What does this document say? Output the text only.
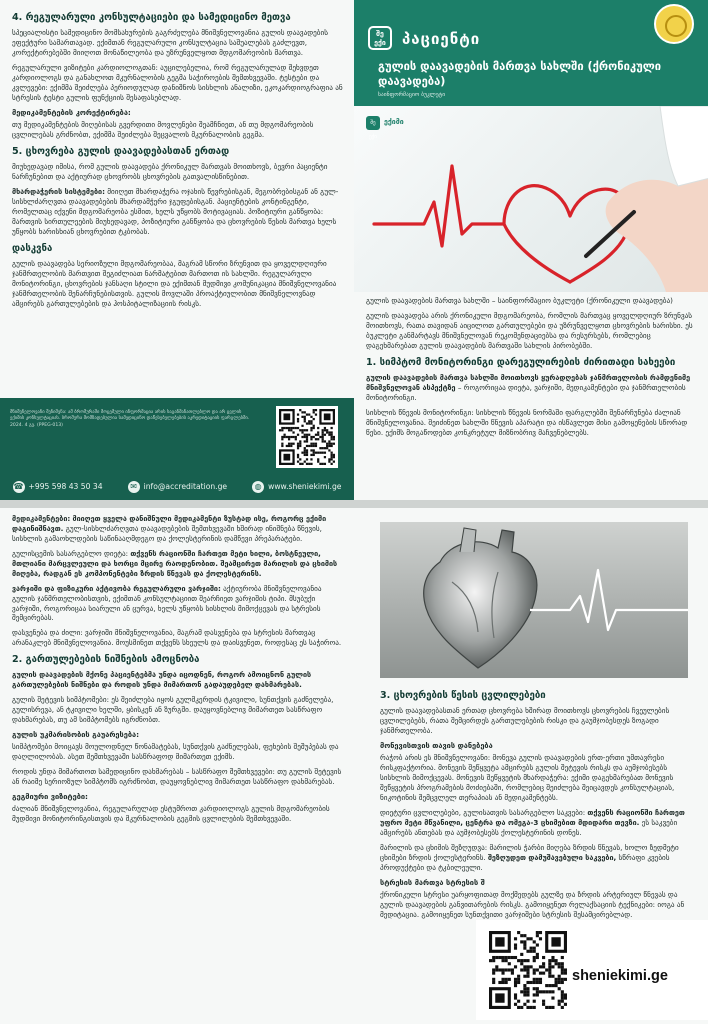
4. რეგულარული კონსულტაციები და სამედიცინო მეთვა

სპეციალისტი სამედიცინო მომსახურების გაგრძელება მნიშვნელოვანია გულის დაავადების ეფექტური სამართავად. ექიმთან რეგულარული კონსულტაცია საშუალებას გაძლევთ, კორექტირებებში მიიღოთ მონაწილეობა და უზრუნველყოთ მდგომარეობის მართვა.

რეგულარული ვიზიტები კარდიოლოგთან: აუცილებელია, რომ რეგულარულად შეხვდეთ კარდიოლოგს და განახლოთ მკურნალობის გეგმა საჭიროების შემთხვევაში. ტესტები და კვლევები: ექიმმა შეიძლება პერიოდულად დანიშნოს სისხლის ანალიზი, ეკოკარდიოგრაფია ან სტრესის ტესტი გულის ფუნქციის შესაფასებლად.

მედიკამენტების კორექტირება:

თუ მედიკამენტების მიღებისას გვერდითი მოვლენები შეამჩნიეთ, ან თუ მდგომარეობის ცვლილებას გრძნობთ, ექიმმა შეიძლება შეცვალოს მკურნალობის გეგმა.

5. ცხოვრება გულის დაავადებასთან ერთად

მიუხედავად იმისა, რომ გულის დაავადება ქრონიკულ მართვას მოითხოვს, ბევრი პაციენტი ნარჩუნებით და აქტიურად ცხოვრობს ცხოვრების გათვალისწინებით.

მხარდაჭერის სისტემები: მიიღეთ მხარდაჭერა ოჯახის წევრებისგან, მეგობრებისგან ან გულ-სისხლძარღვთა დაავადებების მხარდამჭერი ჯგუფებისგან. პაციენტების კონტინგენტი, რომელთაც იქვენი მდგომარეობა ესმით, ხელს უწყობს მოტივაციას. პოზიტიური განწყობა: მართვის სირთულეების მიუხედავად, პოზიტიური განწყობა და ცხოვრების წესის მართვა ხელს უწყობს ხარისხიან ცხოვრებით ტკბობას.

დასკვნა

გულის დაავადება სერიოზული მდგომარეობაა, მაგრამ სწორი ზრუნვით და ყოველდღიური ჯანმრთელობის მართვით შეგიძლიათ ნარმატებით მართოთ ის სახლში. რეგულარული მონიტორინგი, ცხოვრების ჯანსაღი სტილი და ექიმთან მუდმივი კომუნიკაცია მნიშვნელოვანია ჯანმრთელობის შენარჩუნებისთვის. გულის მოვლაში პროაქტიულობით მნიშვნელოვნად ამცირებს გართულებების და ჰოსპიტალიზაციის რისკს.

მნიშვნელოვანი შენიშვნა: ამ ბროშურაში მოცემული ინფორმაცია არის საგანმანათლებლო და არ ცვლის ექიმის კონსულტაციას. ბროშურა მომზადებულია სამედიცინო დაწესებულებების აკრედიტაციის ფარგლებში. 2024. 4 გვ. (PPEG-013)
☎ +995 598 43 50 34	✉ info@accreditation.ge	◍ www.sheniekimi.ge
შე ექი	პაციენტი
გულის დაავადების მართვა სახლში (ქრონიკული დაავადება)
საინფორმაციო ბუკლეტი
შე ექი
ექიმი

გულის დაავადების მართვა სახლში – საინფორმაციო ბუკლეტი (ქრონიკული დაავადება)

გულის დაავადება არის ქრონიკული მდგომარეობა, რომლის მართვაც ყოველდღიურ ზრუნვას მოითხოვს, რათა თავიდან აიცილოთ გართულებები და უზრუნველყოთ ცხოვრების ხარისხი. ეს ბუკლეტი განმარტავს მნიშვნელოვან რეკომენდაციებსა და რესურსებს, რომლებიც დაგეხმარებათ გულის დაავადების მართვაში სახლის პირობებში.

1. სიმპტომ მონიტორინგი დარეგულირების ძირითადი სახეები

გულის დაავადების მართვა სახლში მოითხოვს ყურადღებას ჯანმრთელობის რამდენიმე მნიშვნელოვან ასპექტზე – როგორიცაა დიეტა, ვარჯიში, მედიკამენტები და ჯანმრთელობის მონიტორინგი.

სისხლის წნევის მონიტორინგი: სისხლის წნევის ნორმაში ფარგლებში შენარჩუნება ძალიან მნიშვნელოვანია. შეიძინეთ სახლში წნევის აპარატი და ისწავლეთ მისი გამოყენების სწორად წესი. ექიმს მოგაწოდებთ კონკრეტულ მიზნობრივ მაჩვენებლებს.

მედიკამენტები: მიიღეთ ყველა დანიშნული მედიკამენტი ზუსტად ისე, როგორც ექიმი დაგინიშნავთ. გულ-სისხლძარღვთა დაავადებების შემთხვევაში ხშირად ინიშნება წნევის, სისხლის გამაოხლდების საწინააღმდეგო და ქოლესტერინის დამწევი პრეპარატები.

გულისცემის სასარგებლო დიეტა: თქვენს რაციონში ჩართეთ მეტი ხილი, ბოსტნეული, მთლიანი მარცვლეული და ხორცი მცირე რაოდენობით. შეამცირეთ მარილის და ცხიმის მიღება, რადგან ეს კომპონენტები ზრდის წნევას და ქოლესტერინს.

ვარჯიში და ფიზიკური აქტივობა რეგულარული ვარჯიში: აქტიურობა მნიშვნელოვანია გულის ჯანმრთელობისთვის, ექიმთან კონსულტაციით შეარჩიეთ ვარჯიშის ტიპი. მსუბუქი ვარჯიში, როგორიცაა სიარული ან ცურვა, ხელს უწყობს სისხლის მიმოქცევას და სტრესის შემცირებას.

დასვენება და ძილი: ვარჯიში მნიშვნელოვანია, მაგრამ დასვენება და სტრესის მართვაც არანაკლებ მნიშვნელოვანია. მოუსმინეთ თქვენს სხეულს და დაისვენეთ, როდესაც ეს საჭიროა.

2. გართულებების ნიშნების ამოცნობა

გულის დაავადების მქონე პაციენტებმა უნდა იცოდნენ, როგორ ამოიცნონ გულის გართულებების ნიშნები და როდის უნდა მიმართონ გადაუდებელ დახმარებას.

გულის შეტევის სიმპტომები: ეს შეიძლება იყოს გულმკერდის ტკივილი, სუნთქვის გაძნელება, გულისრევა, ან ტკივილი ხელში, ყბისკენ ან ზურგში. დაუყოვნებლივ მიმართეთ სასწრაფო დახმარებას, თუ ამ სიმპტომებს იგრძნობთ.

გულის უკმარისობის გაუარესება:

სიმპტომები მოიცავს მოულოდნელ წონამატებას, სუნთქვის გაძნელებას, ფეხების შეშუპებას და დაღლილობას. ასეთ შემთხვევაში სასწრაფოდ მიმართეთ ექიმს.

როდის უნდა მიმართოთ სამედიცინო დახმარებას – სასწრაფო შემთხვევები: თუ გულის შეტევის ან რაიმე სერიოზულ სიმპტომს იგრძნობთ, დაუყოვნებლივ მიმართეთ სასწრაფო დახმარებას.

გეგმიური ვიზიტები:

ძალიან მნიშვნელოვანია, რეგულარულად ესტუმროთ კარდიოლოგს გულის მდგომარეობის მუდმივი მონიტორინგისთვის და მკურნალობის გეგმის ცვლილების შემთხვევაში.

3. ცხოვრების წესის ცვლილებები

გულის დაავადებასთან ერთად ცხოვრება ხშირად მოითხოვს ცხოვრების ჩვეულების ცვლილებებს, რათა შემცირდეს გართულებების რისკი და გაუმჯობესდეს ზოგადი ჯანმრთელობა.

მონევისთვის თავის დანებება

რაჭობ არის ეს მნიშვნელოვანი: მონევა გულის დაავადების ერთ-ერთი უმთავრესი რისკფაქტორია. მონევის შეწყვეტა ამცირებს გულის შეტევის რისკს და აუმჯობესებს სისხლის მიმოქცევას. მონევის შეწყვეტის მხარდაჭერა: ექიმი დაგეხმარებათ მონევის შეწყვეტის პროგრამების მოძიებაში, რომლებიც შეიძლება შეიცავდეს კონსულტაციას, ნიკოტინის შემცვლელ თერაპიას ან მედიკამენტებს.

დიეტური ცვლილებები, გულისათვის სასარგებლო საკვები: თქვენს რაციონში ჩართეთ უფრო მეტი მწვანილი, ცენტრა და ომეგა-3 ცხიმებით მდიდარი თევზი. ეს საკვები ამცირებს ანთებას და აუმჯობესებს ქოლესტერინის დონეს.

მარილის და ცხიმის შეზღუდვა: მარილის ჭარბი მიღება ზრდის წნევას, ხოლო ზედმეტი ცხიმები ზრდის ქოლესტერინს. შეზღუდეთ დამუშავებული საკვები, სწრაფი კვების პროდუქტები და ტკბილეული.

სტრესის მართვა სტრესის შ

ქრონიკული სტრესი უარყოფითად მოქმედებს გულზე და ზრდის არტერიულ წნევას და გულის დაავადების განვითარების რისკს. გამოიყენეთ რელაქსაციის ტექნიკები: იოგა ან მედიტაცია. გამოიყენეთ სუნთქვითი ვარჯიშები სტრესის შესამცირებლად.

sheniekimi.ge
